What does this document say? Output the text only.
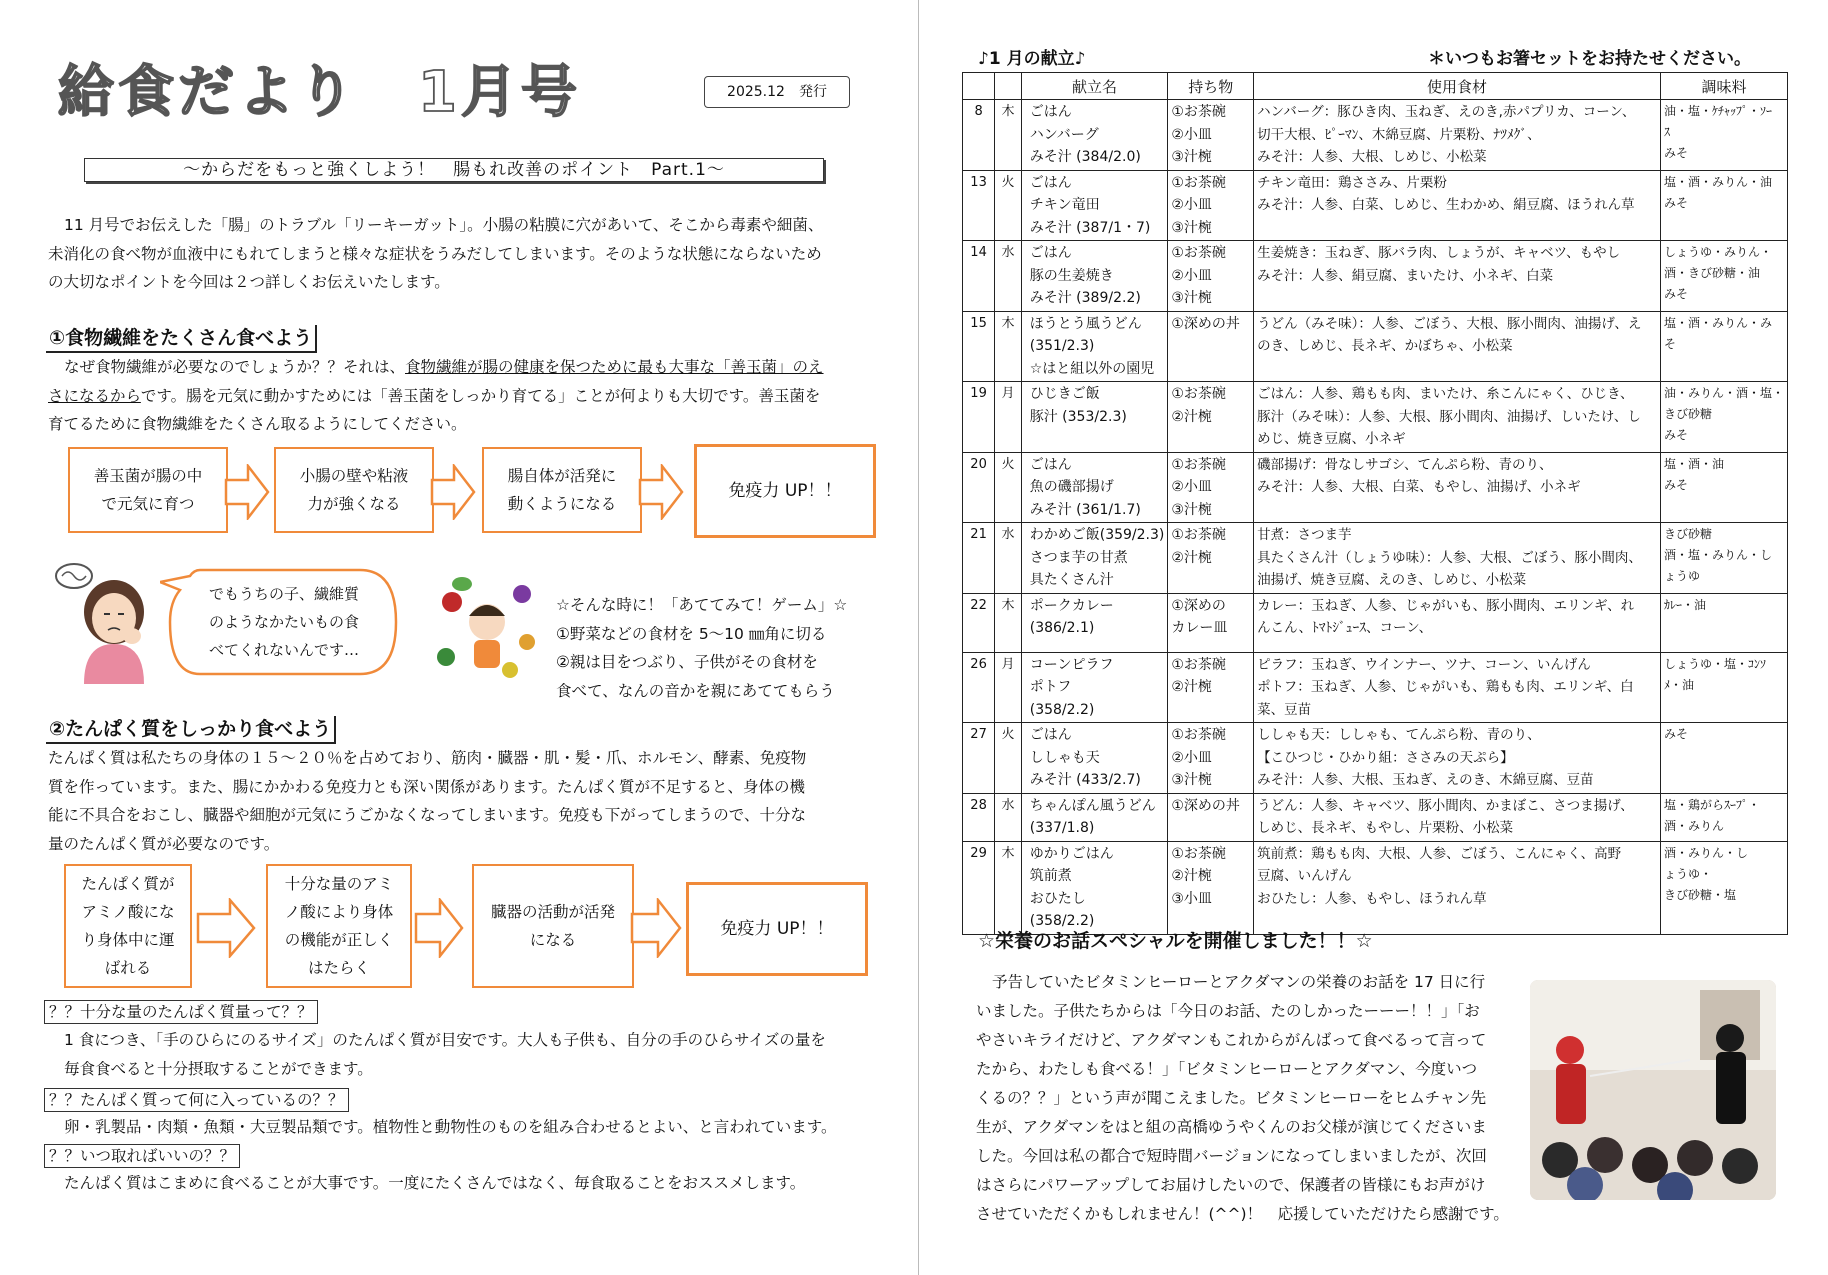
給食だより　1月号	2025.12　発行
～からだをもっと強くしよう！　腸もれ改善のポイント　Part.1～
11 月号でお伝えした「腸」のトラブル「リーキーガット」。小腸の粘膜に穴があいて、そこから毒素や細菌、
未消化の食べ物が血液中にもれてしまうと様々な症状をうみだしてしまいます。そのような状態にならないため
の大切なポイントを今回は２つ詳しくお伝えいたします。
①食物繊維をたくさん食べよう
なぜ食物繊維が必要なのでしょうか？？それは、食物繊維が腸の健康を保つために最も大事な「善玉菌」のえ
さになるからです。腸を元気に動かすためには「善玉菌をしっかり育てる」ことが何よりも大切です。善玉菌を
育てるために食物繊維をたくさん取るようにしてください。
善玉菌が腸の中
で元気に育つ
小腸の壁や粘液
力が強くなる
腸自体が活発に
動くようになる
免疫力 UP！！
でもうちの子、繊維質
のようなかたいもの食
べてくれないんです…
☆そんな時に！「あててみて！ゲーム」☆
①野菜などの食材を 5～10 ㎜角に切る
②親は目をつぶり、子供がその食材を
食べて、なんの音かを親にあててもらう
②たんぱく質をしっかり食べよう
たんぱく質は私たちの身体の１５～２０％を占めており、筋肉・臓器・肌・髪・爪、ホルモン、酵素、免疫物
質を作っています。また、腸にかかわる免疫力とも深い関係があります。たんぱく質が不足すると、身体の機
能に不具合をおこし、臓器や細胞が元気にうごかなくなってしまいます。免疫も下がってしまうので、十分な
量のたんぱく質が必要なのです。
たんぱく質が
アミノ酸にな
り身体中に運
ばれる
十分な量のアミ
ノ酸により身体
の機能が正しく
はたらく
臓器の活動が活発
になる
免疫力 UP！！
？？十分な量のたんぱく質量って？？
1 食につき、「手のひらにのるサイズ」のたんぱく質が目安です。大人も子供も、自分の手のひらサイズの量を
毎食食べると十分摂取することができます。
？？たんぱく質って何に入っているの？？
卵・乳製品・肉類・魚類・大豆製品類です。植物性と動物性のものを組み合わせるとよい、と言われています。
？？いつ取ればいいの？？
たんぱく質はこまめに食べることが大事です。一度にたくさんではなく、毎食取ることをおススメします。
♪1 月の献立♪	＊いつもお箸セットをお持たせください。
		献立名	持ち物	使用食材	調味料
8	木	ごはん
ハンバーグ
みそ汁 (384/2.0)	①お茶碗
②小皿
③汁椀	ハンバーグ：豚ひき肉、玉ねぎ、えのき,赤パプリカ、コーン、
切干大根、ﾋﾟｰﾏﾝ、木綿豆腐、片栗粉、ﾅﾂﾒｸﾞ、
みそ汁：人参、大根、しめじ、小松菜	油・塩・ｹﾁｬｯﾌﾟ・ｿｰ
ｽ
みそ

13	火	ごはん
チキン竜田
みそ汁 (387/1・7)	①お茶碗
②小皿
③汁椀	チキン竜田：鶏ささみ、片栗粉
みそ汁：人参、白菜、しめじ、生わかめ、絹豆腐、ほうれん草	塩・酒・みりん・油
みそ

14	水	ごはん
豚の生姜焼き
みそ汁 (389/2.2)	①お茶碗
②小皿
③汁椀	生姜焼き：玉ねぎ、豚バラ肉、しょうが、キャベツ、もやし
みそ汁：人参、絹豆腐、まいたけ、小ネギ、白菜	しょうゆ・みりん・
酒・きび砂糖・油
みそ

15	木	ほうとう風うどん
(351/2.3)
☆はと組以外の園児	①深めの丼	うどん（みそ味）：人参、ごぼう、大根、豚小間肉、油揚げ、え
のき、しめじ、長ネギ、かぼちゃ、小松菜	塩・酒・みりん・み
そ

19	月	ひじきご飯
豚汁 (353/2.3)	①お茶碗
②汁椀	ごはん：人参、鶏もも肉、まいたけ、糸こんにゃく、ひじき、
豚汁（みそ味）：人参、大根、豚小間肉、油揚げ、しいたけ、し
めじ、焼き豆腐、小ネギ	油・みりん・酒・塩・
きび砂糖
みそ

20	火	ごはん
魚の磯部揚げ
みそ汁 (361/1.7)	①お茶碗
②小皿
③汁椀	磯部揚げ：骨なしサゴシ、てんぷら粉、青のり、
みそ汁：人参、大根、白菜、もやし、油揚げ、小ネギ	塩・酒・油
みそ

21	水	わかめご飯(359/2.3)
さつま芋の甘煮
具たくさん汁	①お茶碗
②汁椀	甘煮：さつま芋
具たくさん汁（しょうゆ味）：人参、大根、ごぼう、豚小間肉、
油揚げ、焼き豆腐、えのき、しめじ、小松菜	きび砂糖
酒・塩・みりん・し
ょうゆ

22	木	ポークカレー
(386/2.1)	①深めの
カレー皿	カレー：玉ねぎ、人参、じゃがいも、豚小間肉、エリンギ、れ
んこん、ﾄﾏﾄｼﾞｭｰｽ、コーン、	ｶﾚｰ・油

26	月	コーンピラフ
ポトフ
(358/2.2)	①お茶碗
②汁椀	ピラフ：玉ねぎ、ウインナー、ツナ、コーン、いんげん
ポトフ：玉ねぎ、人参、じゃがいも、鶏もも肉、エリンギ、白
菜、豆苗	しょうゆ・塩・ｺﾝｿ
ﾒ・油

27	火	ごはん
ししゃも天
みそ汁 (433/2.7)	①お茶碗
②小皿
③汁椀	ししゃも天：ししゃも、てんぷら粉、青のり、
【こひつじ・ひかり組：ささみの天ぷら】
みそ汁：人参、大根、玉ねぎ、えのき、木綿豆腐、豆苗	みそ

28	水	ちゃんぽん風うどん
(337/1.8)	①深めの丼	うどん：人参、キャベツ、豚小間肉、かまぼこ、さつま揚げ、
しめじ、長ネギ、もやし、片栗粉、小松菜	塩・鶏がらｽｰﾌﾟ・
酒・みりん

29	木	ゆかりごはん
筑前煮
おひたし
(358/2.2)	①お茶碗
②汁椀
③小皿	筑前煮：鶏もも肉、大根、人参、ごぼう、こんにゃく、高野
豆腐、いんげん
おひたし：人参、もやし、ほうれん草	酒・みりん・し
ょうゆ・
きび砂糖・塩
☆栄養のお話スペシャルを開催しました！！☆
予告していたビタミンヒーローとアクダマンの栄養のお話を 17 日に行
いました。子供たちからは「今日のお話、たのしかったーーー！！」「お
やさいキライだけど、アクダマンもこれからがんばって食べるって言って
たから、わたしも食べる！」「ビタミンヒーローとアクダマン、今度いつ
くるの？？」という声が聞こえました。ビタミンヒーローをヒムチャン先
生が、アクダマンをはと組の高橋ゆうやくんのお父様が演じてくださいま
した。今回は私の都合で短時間バージョンになってしまいましたが、次回
はさらにパワーアップしてお届けしたいので、保護者の皆様にもお声がけ
させていただくかもしれません！(^^)！　応援していただけたら感謝です。
